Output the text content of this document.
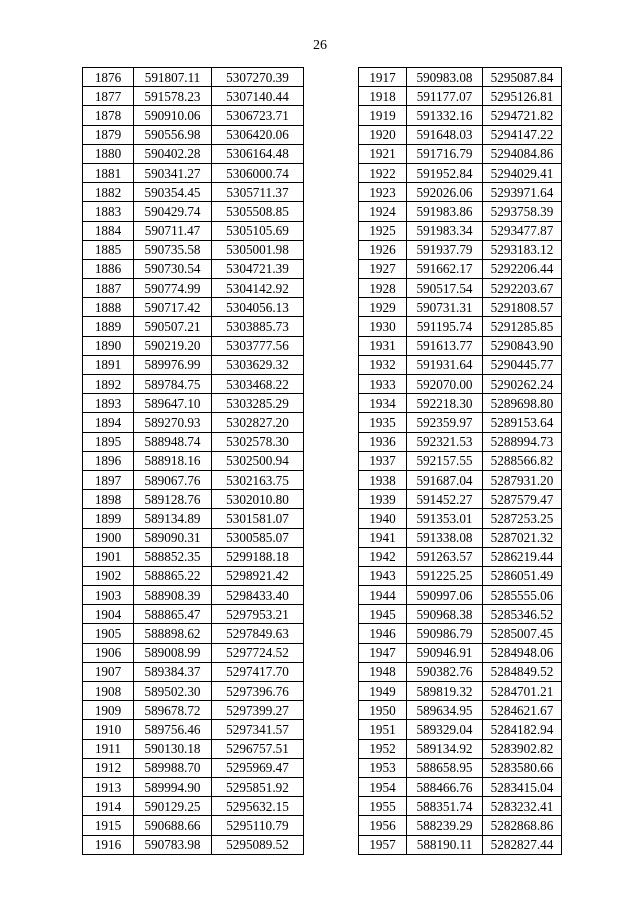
26
1876	591807.11	5307270.39
1877	591578.23	5307140.44
1878	590910.06	5306723.71
1879	590556.98	5306420.06
1880	590402.28	5306164.48
1881	590341.27	5306000.74
1882	590354.45	5305711.37
1883	590429.74	5305508.85
1884	590711.47	5305105.69
1885	590735.58	5305001.98
1886	590730.54	5304721.39
1887	590774.99	5304142.92
1888	590717.42	5304056.13
1889	590507.21	5303885.73
1890	590219.20	5303777.56
1891	589976.99	5303629.32
1892	589784.75	5303468.22
1893	589647.10	5303285.29
1894	589270.93	5302827.20
1895	588948.74	5302578.30
1896	588918.16	5302500.94
1897	589067.76	5302163.75
1898	589128.76	5302010.80
1899	589134.89	5301581.07
1900	589090.31	5300585.07
1901	588852.35	5299188.18
1902	588865.22	5298921.42
1903	588908.39	5298433.40
1904	588865.47	5297953.21
1905	588898.62	5297849.63
1906	589008.99	5297724.52
1907	589384.37	5297417.70
1908	589502.30	5297396.76
1909	589678.72	5297399.27
1910	589756.46	5297341.57
1911	590130.18	5296757.51
1912	589988.70	5295969.47
1913	589994.90	5295851.92
1914	590129.25	5295632.15
1915	590688.66	5295110.79
1916	590783.98	5295089.52
1917	590983.08	5295087.84
1918	591177.07	5295126.81
1919	591332.16	5294721.82
1920	591648.03	5294147.22
1921	591716.79	5294084.86
1922	591952.84	5294029.41
1923	592026.06	5293971.64
1924	591983.86	5293758.39
1925	591983.34	5293477.87
1926	591937.79	5293183.12
1927	591662.17	5292206.44
1928	590517.54	5292203.67
1929	590731.31	5291808.57
1930	591195.74	5291285.85
1931	591613.77	5290843.90
1932	591931.64	5290445.77
1933	592070.00	5290262.24
1934	592218.30	5289698.80
1935	592359.97	5289153.64
1936	592321.53	5288994.73
1937	592157.55	5288566.82
1938	591687.04	5287931.20
1939	591452.27	5287579.47
1940	591353.01	5287253.25
1941	591338.08	5287021.32
1942	591263.57	5286219.44
1943	591225.25	5286051.49
1944	590997.06	5285555.06
1945	590968.38	5285346.52
1946	590986.79	5285007.45
1947	590946.91	5284948.06
1948	590382.76	5284849.52
1949	589819.32	5284701.21
1950	589634.95	5284621.67
1951	589329.04	5284182.94
1952	589134.92	5283902.82
1953	588658.95	5283580.66
1954	588466.76	5283415.04
1955	588351.74	5283232.41
1956	588239.29	5282868.86
1957	588190.11	5282827.44
